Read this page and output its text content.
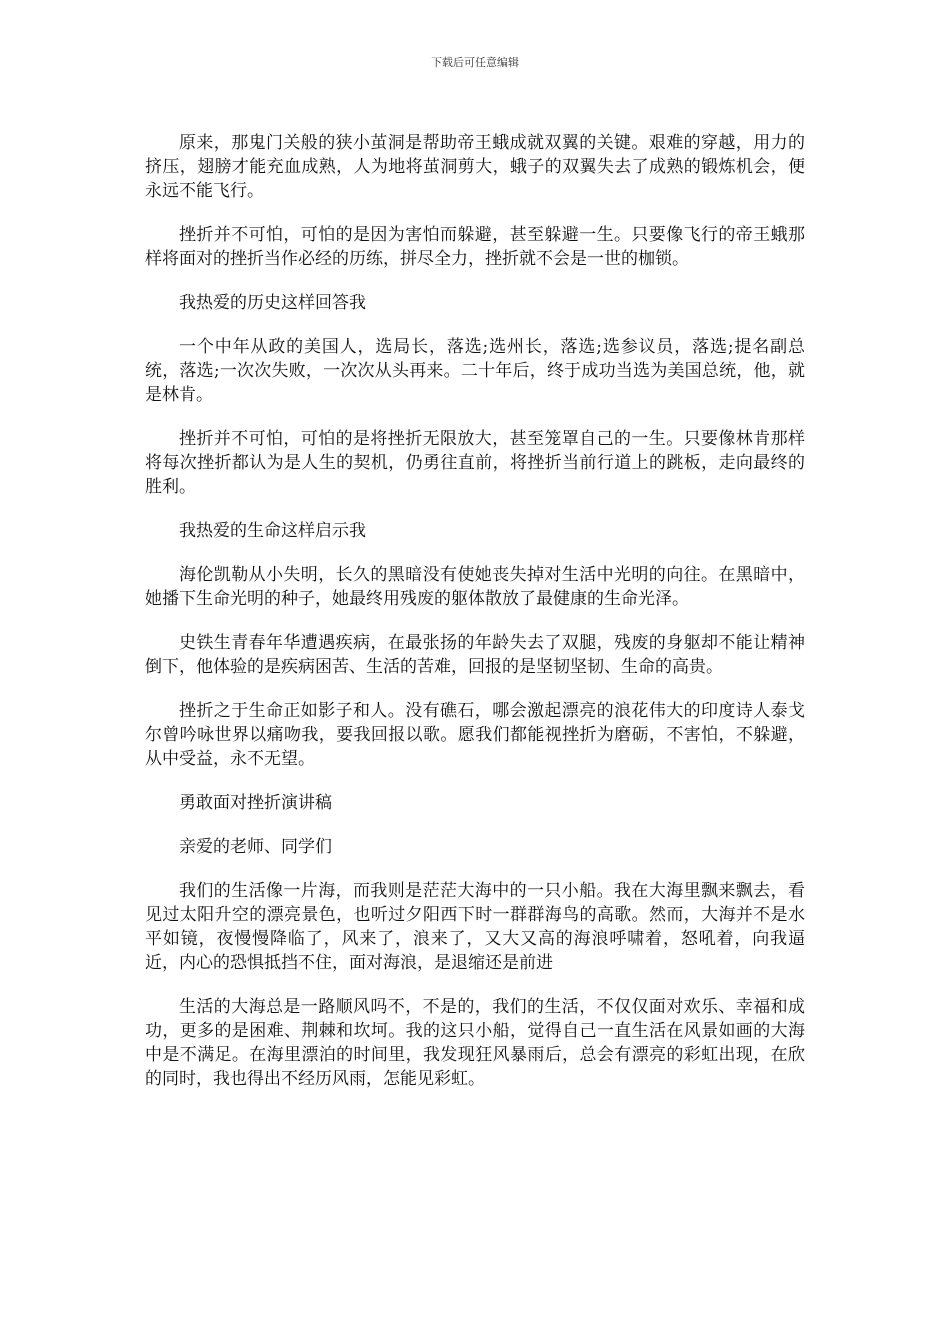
下载后可任意编辑

原来，那鬼门关般的狭小茧洞是帮助帝王蛾成就双翼的关键。艰难的穿越，用力的挤压，翅膀才能充血成熟，人为地将茧洞剪大，蛾子的双翼失去了成熟的锻炼机会，便永远不能飞行。

挫折并不可怕，可怕的是因为害怕而躲避，甚至躲避一生。只要像飞行的帝王蛾那样将面对的挫折当作必经的历练，拼尽全力，挫折就不会是一世的枷锁。

我热爱的历史这样回答我

一个中年从政的美国人，选局长，落选;选州长，落选;选参议员，落选;提名副总统，落选;一次次失败，一次次从头再来。二十年后，终于成功当选为美国总统，他，就是林肯。

挫折并不可怕，可怕的是将挫折无限放大，甚至笼罩自己的一生。只要像林肯那样将每次挫折都认为是人生的契机，仍勇往直前，将挫折当前行道上的跳板，走向最终的胜利。

我热爱的生命这样启示我

海伦凯勒从小失明，长久的黑暗没有使她丧失掉对生活中光明的向往。在黑暗中，她播下生命光明的种子，她最终用残废的躯体散放了最健康的生命光泽。

史铁生青春年华遭遇疾病，在最张扬的年龄失去了双腿，残废的身躯却不能让精神倒下，他体验的是疾病困苦、生活的苦难，回报的是坚韧坚韧、生命的高贵。

挫折之于生命正如影子和人。没有礁石，哪会激起漂亮的浪花伟大的印度诗人泰戈尔曾吟咏世界以痛吻我，要我回报以歌。愿我们都能视挫折为磨砺，不害怕，不躲避，从中受益，永不无望。

勇敢面对挫折演讲稿

亲爱的老师、同学们

我们的生活像一片海，而我则是茫茫大海中的一只小船。我在大海里飘来飘去，看见过太阳升空的漂亮景色，也听过夕阳西下时一群群海鸟的高歌。然而，大海并不是水平如镜，夜慢慢降临了，风来了，浪来了，又大又高的海浪呼啸着，怒吼着，向我逼近，内心的恐惧抵挡不住，面对海浪，是退缩还是前进

生活的大海总是一路顺风吗不，不是的，我们的生活，不仅仅面对欢乐、幸福和成功，更多的是困难、荆棘和坎坷。我的这只小船，觉得自己一直生活在风景如画的大海中是不满足。在海里漂泊的时间里，我发现狂风暴雨后，总会有漂亮的彩虹出现，在欣的同时，我也得出不经历风雨，怎能见彩虹。
